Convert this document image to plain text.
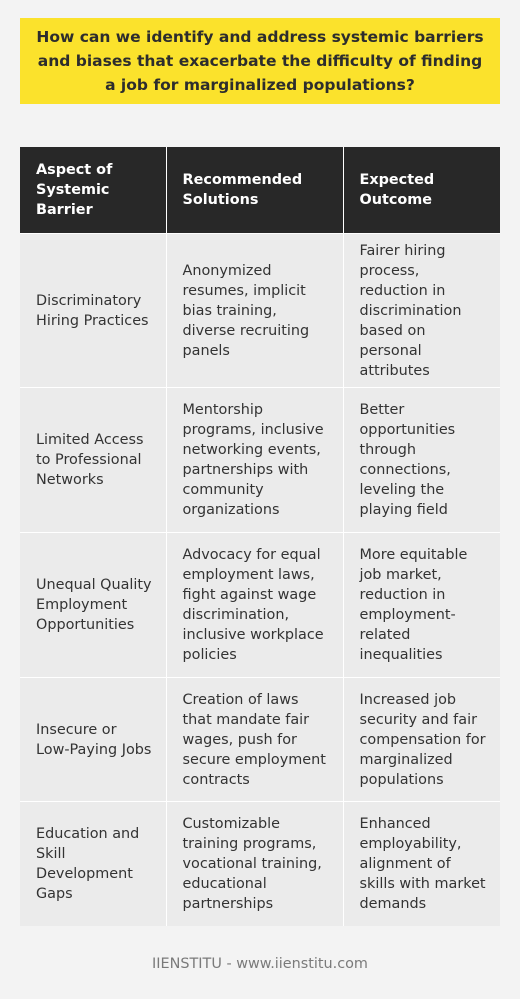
How can we identify and address systemic barriers and biases that exacerbate the difficulty of finding a job for marginalized populations?
Aspect of Systemic Barrier	Recommended Solutions	Expected Outcome
Discriminatory Hiring Practices	Anonymized resumes, implicit bias training, diverse recruiting panels	Fairer hiring process, reduction in discrimination based on personal attributes
Limited Access to Professional Networks	Mentorship programs, inclusive networking events, partnerships with community organizations	Better opportunities through connections, leveling the playing field
Unequal Quality Employment Opportunities	Advocacy for equal employment laws, fight against wage discrimination, inclusive workplace policies	More equitable job market, reduction in employment-related inequalities
Insecure or Low-Paying Jobs	Creation of laws that mandate fair wages, push for secure employment contracts	Increased job security and fair compensation for marginalized populations
Education and Skill Development Gaps	Customizable training programs, vocational training, educational partnerships	Enhanced employability, alignment of skills with market demands
IIENSTITU - www.iienstitu.com
